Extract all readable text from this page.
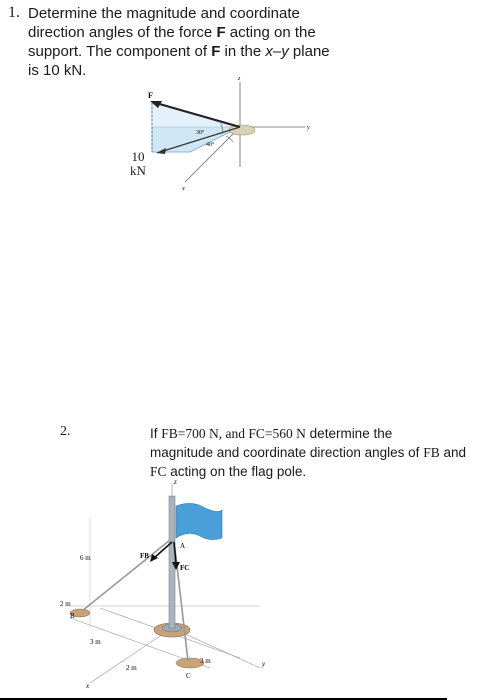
1. Determine the magnitude and coordinate
direction angles of the force F acting on the
support. The component of F in the x–y plane
is 10 kN.
F
30°
40°
z
y
x
10
kN
2.	If FB=700 N, and FC=560 N determine the
magnitude and coordinate direction angles of FB and
FC acting on the flag pole.
z
y
x
A
B
C
6 m
2 m
3 m
2 m
3 m
FB
FC
